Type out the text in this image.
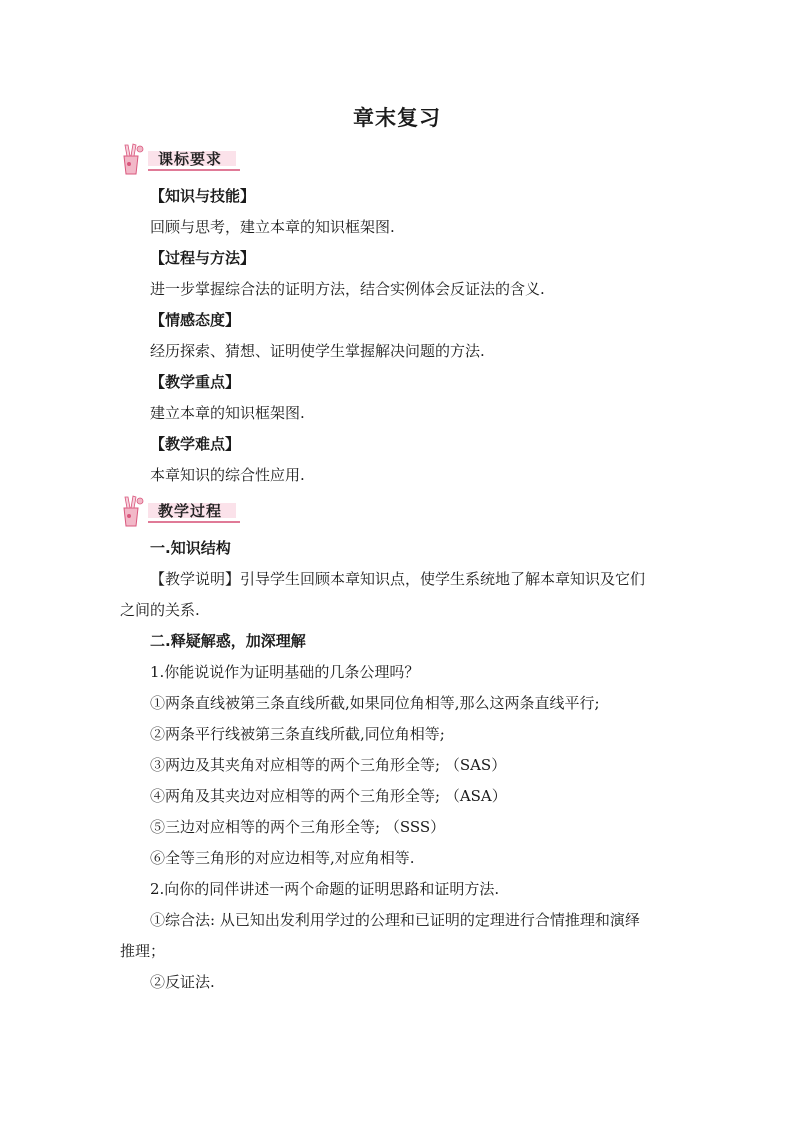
章末复习
课标要求
【知识与技能】
回顾与思考，建立本章的知识框架图.
【过程与方法】
进一步掌握综合法的证明方法，结合实例体会反证法的含义.
【情感态度】
经历探索、猜想、证明使学生掌握解决问题的方法.
【教学重点】
建立本章的知识框架图.
【教学难点】
本章知识的综合性应用.
教学过程
一.知识结构
【教学说明】引导学生回顾本章知识点，使学生系统地了解本章知识及它们
之间的关系.
二.释疑解惑，加深理解
1.你能说说作为证明基础的几条公理吗？
①两条直线被第三条直线所截,如果同位角相等,那么这两条直线平行;
②两条平行线被第三条直线所截,同位角相等;
③两边及其夹角对应相等的两个三角形全等; （SAS）
④两角及其夹边对应相等的两个三角形全等; （ASA）
⑤三边对应相等的两个三角形全等; （SSS）
⑥全等三角形的对应边相等,对应角相等.
2.向你的同伴讲述一两个命题的证明思路和证明方法.
①综合法: 从已知出发利用学过的公理和已证明的定理进行合情推理和演绎
推理；
②反证法.
